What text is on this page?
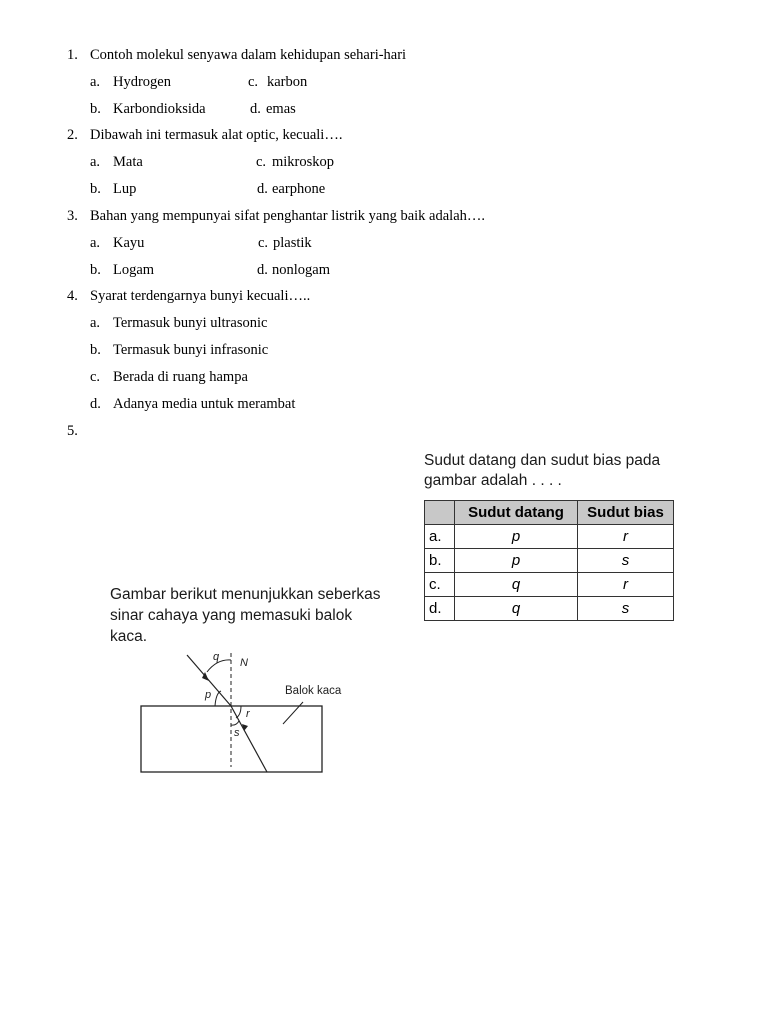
1. Contoh molekul senyawa dalam kehidupan sehari-hari
a. Hydrogen	c. karbon
b. Karbondioksida	d. emas
2. Dibawah ini termasuk alat optic, kecuali….
a. Mata	c. mikroskop
b. Lup	d. earphone
3. Bahan yang mempunyai sifat penghantar listrik yang baik adalah….
a. Kayu	c. plastik
b. Logam	d. nonlogam
4. Syarat terdengarnya bunyi kecuali…..
a. Termasuk bunyi ultrasonic
b. Termasuk bunyi infrasonic
c. Berada di ruang hampa
d. Adanya media untuk merambat
5.
Sudut datang dan sudut bias pada
gambar adalah . . . .
	Sudut datang	Sudut bias
a.	p	r
b.	p	s
c.	q	r
d.	q	s
Gambar berikut menunjukkan seberkas
sinar cahaya yang memasuki balok
kaca.
q N
p
r
s
Balok kaca
